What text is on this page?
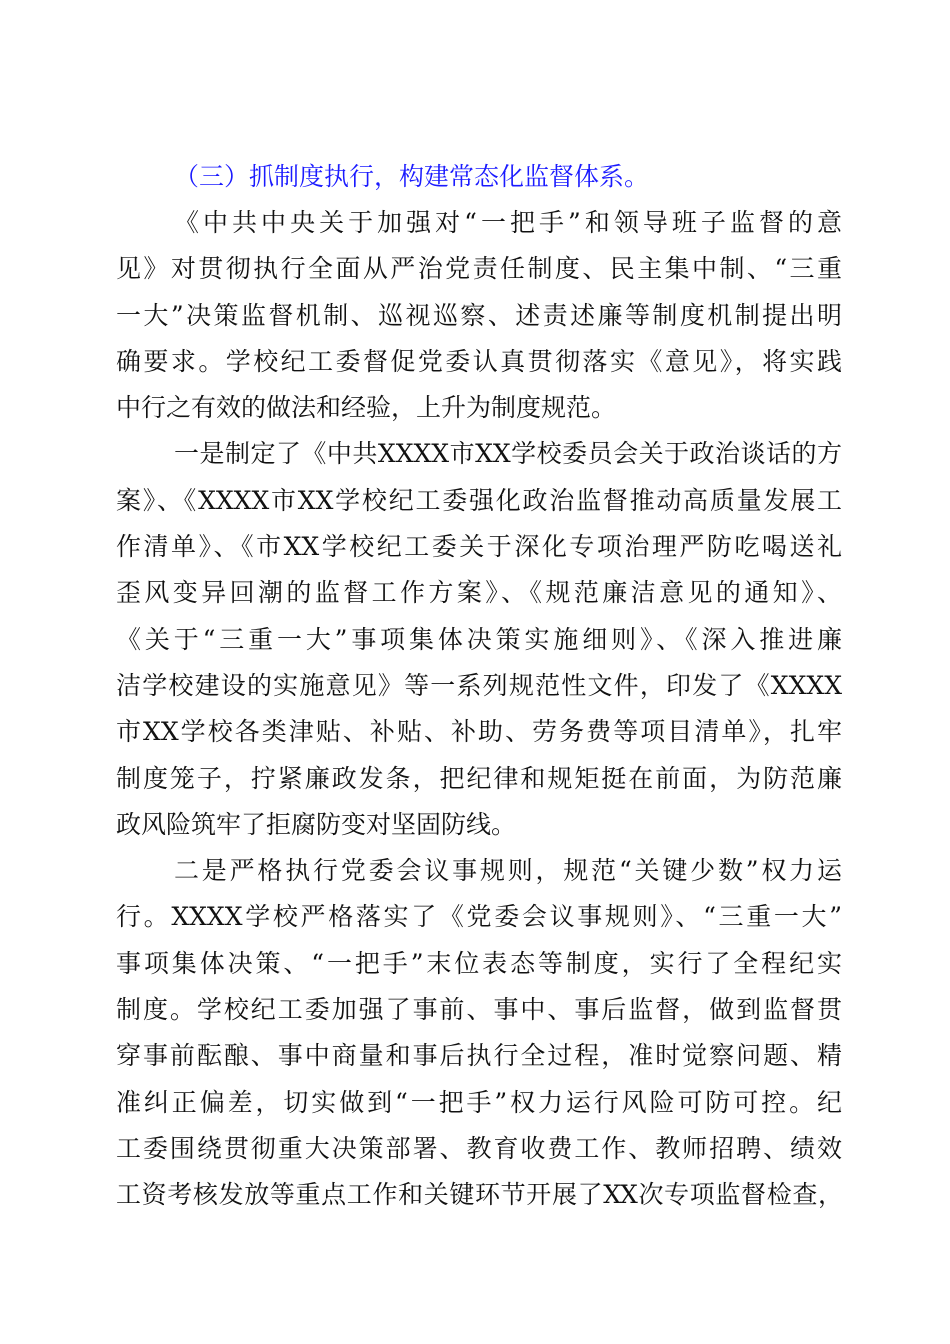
（三）抓制度执行，构建常态化监督体系。
《中共中央关于加强对“一把手”和领导班子监督的意
见》对贯彻执行全面从严治党责任制度、民主集中制、“三重
一大”决策监督机制、巡视巡察、述责述廉等制度机制提出明
确要求。学校纪工委督促党委认真贯彻落实《意见》，将实践
中行之有效的做法和经验，上升为制度规范。
一是制定了《中共XXXX市XX学校委员会关于政治谈话的方
案》、《XXXX市XX学校纪工委强化政治监督推动高质量发展工
作清单》、《市XX学校纪工委关于深化专项治理严防吃喝送礼
歪风变异回潮的监督工作方案》、《规范廉洁意见的通知》、
《关于“三重一大”事项集体决策实施细则》、《深入推进廉
洁学校建设的实施意见》等一系列规范性文件，印发了《XXXX
市XX学校各类津贴、补贴、补助、劳务费等项目清单》，扎牢
制度笼子，拧紧廉政发条，把纪律和规矩挺在前面，为防范廉
政风险筑牢了拒腐防变对坚固防线。
二是严格执行党委会议事规则，规范“关键少数”权力运
行。XXXX学校严格落实了《党委会议事规则》、“三重一大”
事项集体决策、“一把手”末位表态等制度，实行了全程纪实
制度。学校纪工委加强了事前、事中、事后监督，做到监督贯
穿事前酝酿、事中商量和事后执行全过程，准时觉察问题、精
准纠正偏差，切实做到“一把手”权力运行风险可防可控。纪
工委围绕贯彻重大决策部署、教育收费工作、教师招聘、绩效
工资考核发放等重点工作和关键环节开展了XX次专项监督检查，
